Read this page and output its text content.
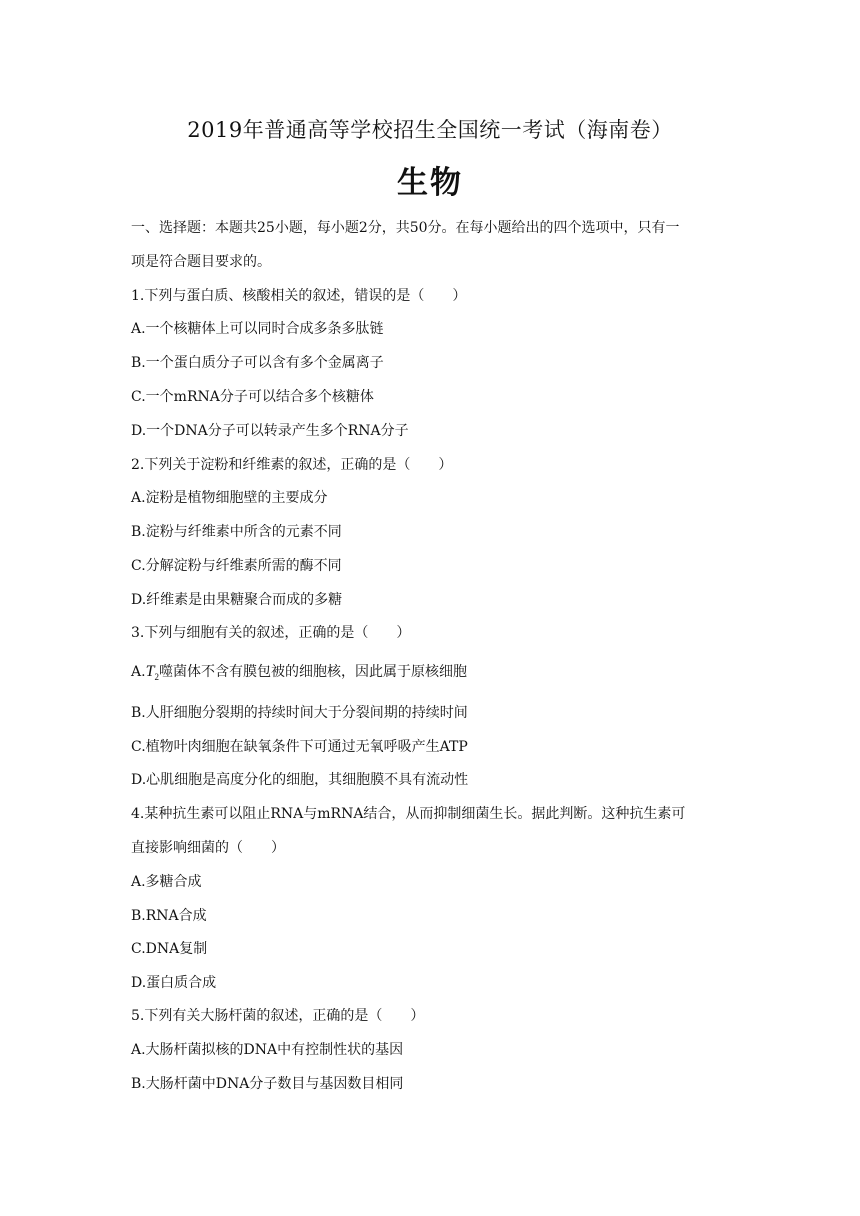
2019年普通高等学校招生全国统一考试（海南卷）
生物
一、选择题：本题共25小题，每小题2分，共50分。在每小题给出的四个选项中，只有一
项是符合题目要求的。
1.下列与蛋白质、核酸相关的叙述，错误的是（　　）
A.一个核糖体上可以同时合成多条多肽链
B.一个蛋白质分子可以含有多个金属离子
C.一个mRNA分子可以结合多个核糖体
D.一个DNA分子可以转录产生多个RNA分子
2.下列关于淀粉和纤维素的叙述，正确的是（　　）
A.淀粉是植物细胞壁的主要成分
B.淀粉与纤维素中所含的元素不同
C.分解淀粉与纤维素所需的酶不同
D.纤维素是由果糖聚合而成的多糖
3.下列与细胞有关的叙述，正确的是（　　）
$A.T_2$噬菌体不含有膜包被的细胞核，因此属于原核细胞
B.人肝细胞分裂期的持续时间大于分裂间期的持续时间
C.植物叶肉细胞在缺氧条件下可通过无氧呼吸产生ATP
D.心肌细胞是高度分化的细胞，其细胞膜不具有流动性
4.某种抗生素可以阻止RNA与mRNA结合，从而抑制细菌生长。据此判断。这种抗生素可
直接影响细菌的（　　）
A.多糖合成
B.RNA合成
C.DNA复制
D.蛋白质合成
5.下列有关大肠杆菌的叙述，正确的是（　　）
A.大肠杆菌拟核的DNA中有控制性状的基因
B.大肠杆菌中DNA分子数目与基因数目相同
